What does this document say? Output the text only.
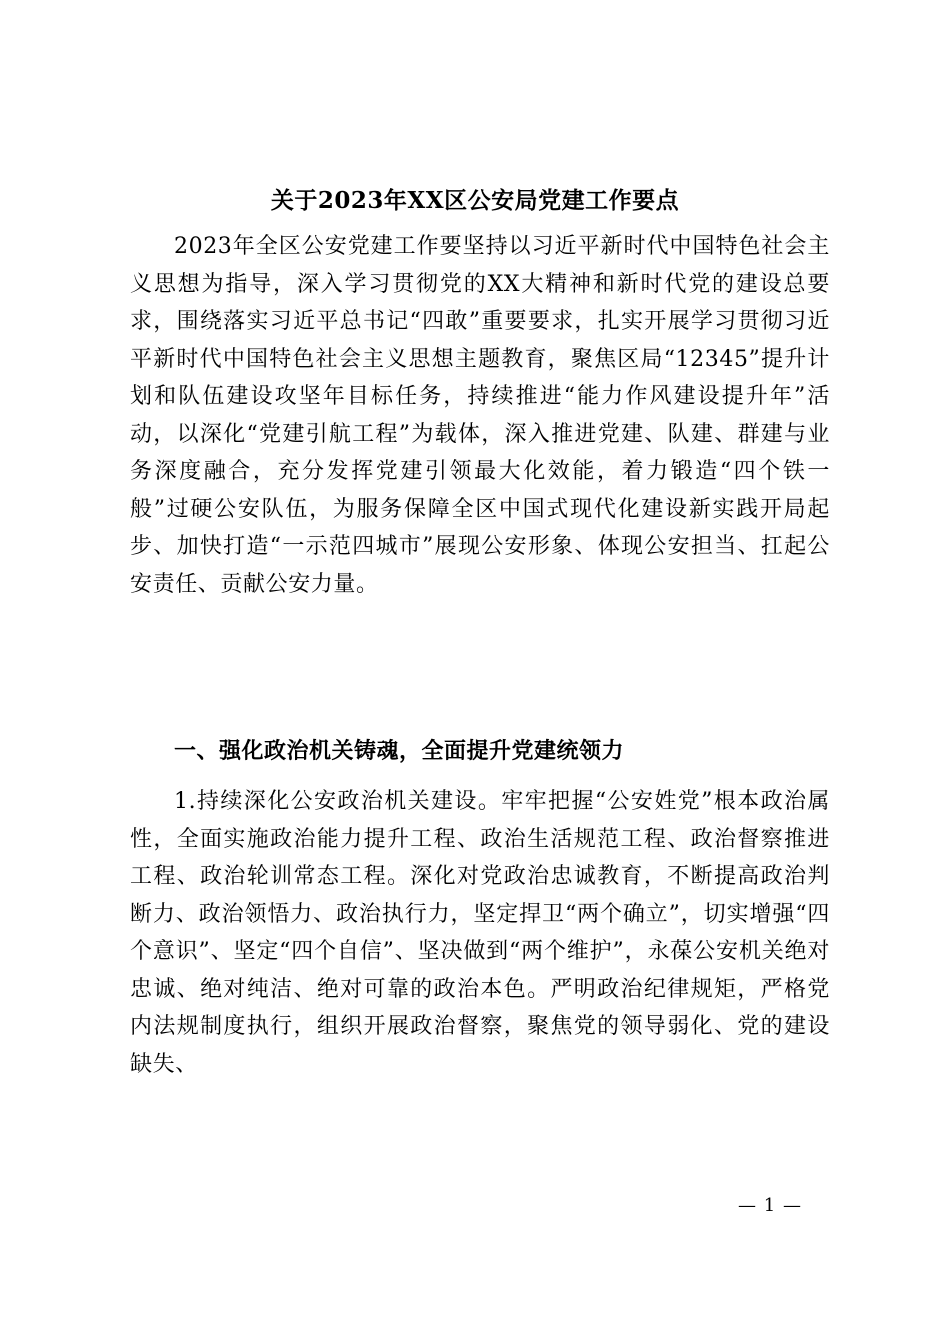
关于2023年XX区公安局党建工作要点

2023年全区公安党建工作要坚持以习近平新时代中国特色社会主义思想为指导，深入学习贯彻党的XX大精神和新时代党的建设总要求，围绕落实习近平总书记“四敢”重要要求，扎实开展学习贯彻习近平新时代中国特色社会主义思想主题教育，聚焦区局“12345”提升计划和队伍建设攻坚年目标任务，持续推进“能力作风建设提升年”活动，以深化“党建引航工程”为载体，深入推进党建、队建、群建与业务深度融合，充分发挥党建引领最大化效能，着力锻造“四个铁一般”过硬公安队伍，为服务保障全区中国式现代化建设新实践开局起步、加快打造“一示范四城市”展现公安形象、体现公安担当、扛起公安责任、贡献公安力量。

一、强化政治机关铸魂，全面提升党建统领力

1.持续深化公安政治机关建设。牢牢把握“公安姓党”根本政治属性，全面实施政治能力提升工程、政治生活规范工程、政治督察推进工程、政治轮训常态工程。深化对党政治忠诚教育，不断提高政治判断力、政治领悟力、政治执行力，坚定捍卫“两个确立”，切实增强“四个意识”、坚定“四个自信”、坚决做到“两个维护”，永葆公安机关绝对忠诚、绝对纯洁、绝对可靠的政治本色。严明政治纪律规矩，严格党内法规制度执行，组织开展政治督察，聚焦党的领导弱化、党的建设缺失、

— 1 —
